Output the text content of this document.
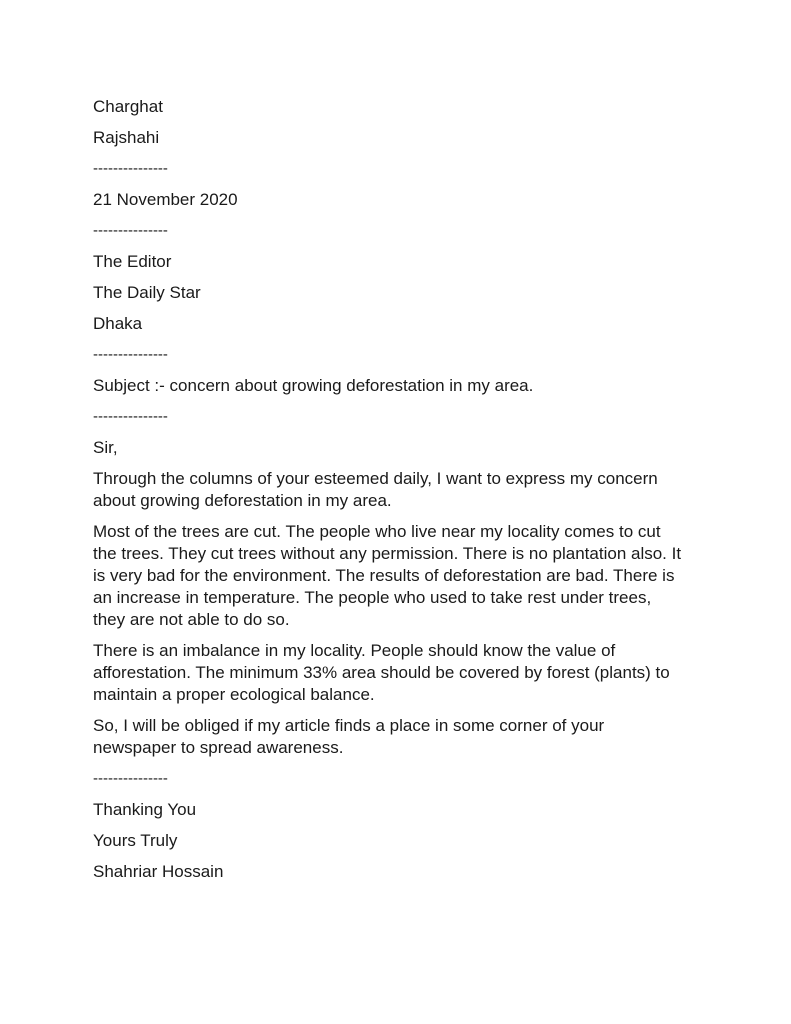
Charghat
Rajshahi
---------------
21 November 2020
---------------
The Editor
The Daily Star
Dhaka
---------------
Subject :- concern about growing deforestation in my area.
---------------
Sir,
Through the columns of your esteemed daily, I want to express my concern
about growing deforestation in my area.
Most of the trees are cut. The people who live near my locality comes to cut
the trees. They cut trees without any permission. There is no plantation also. It
is very bad for the environment. The results of deforestation are bad. There is
an increase in temperature. The people who used to take rest under trees,
they are not able to do so.
There is an imbalance in my locality. People should know the value of
afforestation. The minimum 33% area should be covered by forest (plants) to
maintain a proper ecological balance.
So, I will be obliged if my article finds a place in some corner of your
newspaper to spread awareness.
---------------
Thanking You
Yours Truly
Shahriar Hossain
